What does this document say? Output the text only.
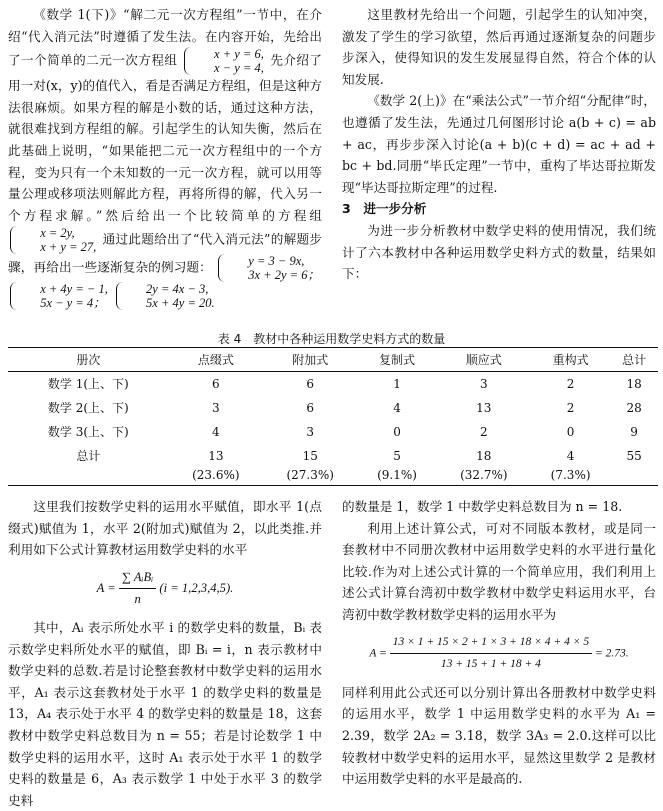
《数学 1(下)》“解二元一次方程组”一节中，在介绍“代入消元法”时遵循了发生法。在内容开始，先给出了一个简单的二元一次方程组	x + y = 6,
x − y = 4,
先介绍了用一对(x，y)的值代入，看是否满足方程组，但是这种方法很麻烦。如果方程的解是小数的话，通过这种方法，就很难找到方程组的解。引起学生的认知失衡，然后在此基础上说明，“如果能把二元一次方程组中的一个方程，变为只有一个未知数的一元一次方程，就可以用等量公理或移项法则解此方程，再将所得的解，代入另一个方程求解。”然后给出一个比较简单的方程组
x = 2y,
x + y = 27,
通过此题给出了“代入消元法”的解题步骤，再给出一些逐渐复杂的例习题：	y = 3 − 9x,
3x + 2y = 6；

x + 4y = − 1,
5x − y = 4；

2y = 4x − 3,
5x + 4y = 20.

这里教材先给出一个问题，引起学生的认知冲突，激发了学生的学习欲望，然后再通过逐渐复杂的问题步步深入，使得知识的发生发展显得自然，符合个体的认知发展.

《数学 2(上)》在“乘法公式”一节介绍“分配律”时，也遵循了发生法，先通过几何图形讨论 a(b + c) = ab + ac，再步步深入讨论(a + b)(c + d) = ac + ad + bc + bd.同册“毕氏定理”一节中，重构了毕达哥拉斯发现“毕达哥拉斯定理”的过程.

3　进一步分析

为进一步分析教材中数学史料的使用情况，我们统计了六本教材中各种运用数学史料方式的数量，结果如下：

表 4　教材中各种运用数学史料方式的数量
册次	点缀式	附加式	复制式	顺应式	重构式	总计
数学 1(上、下)	6	6	1	3	2	18
数学 2(上、下)	3	6	4	13	2	28
数学 3(上、下)	4	3	0	2	0	9
总计	13	15	5	18	4	55
	(23.6%)	(27.3%)	(9.1%)	(32.7%)	(7.3%)	

这里我们按数学史料的运用水平赋值，即水平 1(点缀式)赋值为 1，水平 2(附加式)赋值为 2，以此类推.并利用如下公式计算教材运用数学史料的水平

$A = \frac{\text{∑ AᵢBᵢ}}{n} (i = 1,2,3,4,5)$.

其中，Aᵢ 表示所处水平 i 的数学史料的数量，Bᵢ 表示数学史料所处水平的赋值，即 Bᵢ = i，n 表示教材中数学史料的总数.若是讨论整套教材中数学史料的运用水平，A₁ 表示这套教材处于水平 1 的数学史料的数量是 13，A₄ 表示处于水平 4 的数学史料的数量是 18，这套教材中数学史料总数目为 n = 55；若是讨论数学 1 中数学史料的运用水平，这时 A₁ 表示处于水平 1 的数学史料的数量是 6，A₃ 表示数学 1 中处于水平 3 的数学史料

的数量是 1，数学 1 中数学史料总数目为 n = 18.

利用上述计算公式，可对不同版本教材，或是同一套教材中不同册次教材中运用数学史料的水平进行量化比较.作为对上述公式计算的一个简单应用，我们利用上述公式计算台湾初中数学教材中数学史料运用水平，台湾初中数学教材数学史料的运用水平为

$A = \frac{13 \times 1 + 15 \times 2 + 1 \times 3 + 18 \times 4 + 4 \times 5}{13 + 15 + 1 + 18 + 4} = 2.73$.

同样利用此公式还可以分别计算出各册教材中数学史料的运用水平，数学 1 中运用数学史料的水平为 A₁ = 2.39，数学 2A₂ = 3.18，数学 3A₃ = 2.0.这样可以比较教材中数学史料的运用水平，显然这里数学 2 是教材中运用数学史料的水平是最高的.
